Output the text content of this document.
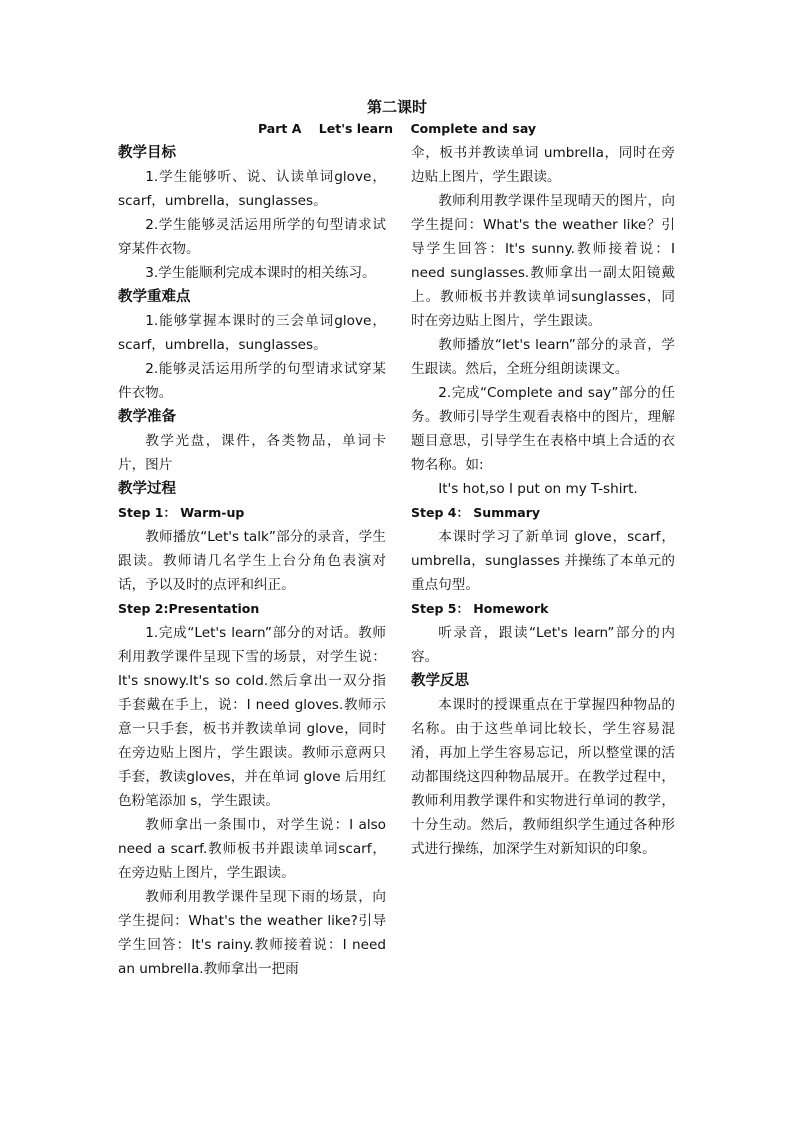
第二课时
Part A    Let's learn    Complete and say

教学目标

1.学生能够听、说、认读单词glove，scarf，umbrella，sunglasses。

2.学生能够灵活运用所学的句型请求试穿某件衣物。

3.学生能顺利完成本课时的相关练习。

教学重难点

1.能够掌握本课时的三会单词glove，scarf，umbrella，sunglasses。

2.能够灵活运用所学的句型请求试穿某件衣物。

教学准备

教学光盘，课件，各类物品，单词卡片，图片

教学过程

Step 1： Warm-up

教师播放“Let's talk”部分的录音，学生跟读。教师请几名学生上台分角色表演对话，予以及时的点评和纠正。

Step 2:Presentation

1.完成“Let's learn”部分的对话。教师利用教学课件呈现下雪的场景，对学生说：It's snowy.It's so cold.然后拿出一双分指手套戴在手上，说：I need gloves.教师示意一只手套，板书并教读单词 glove，同时在旁边贴上图片，学生跟读。教师示意两只手套，教读gloves，并在单词 glove 后用红色粉笔添加 s，学生跟读。

教师拿出一条围巾，对学生说：I also need a scarf.教师板书并跟读单词scarf，在旁边贴上图片，学生跟读。

教师利用教学课件呈现下雨的场景，向学生提问：What's the weather like?引导学生回答：It's rainy.教师接着说：I need an umbrella.教师拿出一把雨

伞，板书并教读单词 umbrella，同时在旁边贴上图片，学生跟读。

教师利用教学课件呈现晴天的图片，向学生提问：What's the weather like？引导学生回答：It's sunny.教师接着说：I need sunglasses.教师拿出一副太阳镜戴上。教师板书并教读单词sunglasses，同时在旁边贴上图片，学生跟读。

教师播放“let's learn”部分的录音，学生跟读。然后，全班分组朗读课文。

2.完成“Complete and say”部分的任务。教师引导学生观看表格中的图片，理解题目意思，引导学生在表格中填上合适的衣物名称。如:

It's hot,so I put on my T-shirt.

Step 4： Summary

本课时学习了新单词 glove，scarf，umbrella，sunglasses 并操练了本单元的重点句型。

Step 5： Homework

听录音，跟读“Let's learn”部分的内容。

教学反思

本课时的授课重点在于掌握四种物品的名称。由于这些单词比较长，学生容易混淆，再加上学生容易忘记，所以整堂课的活动都围绕这四种物品展开。在教学过程中，教师利用教学课件和实物进行单词的教学，十分生动。然后，教师组织学生通过各种形式进行操练，加深学生对新知识的印象。
